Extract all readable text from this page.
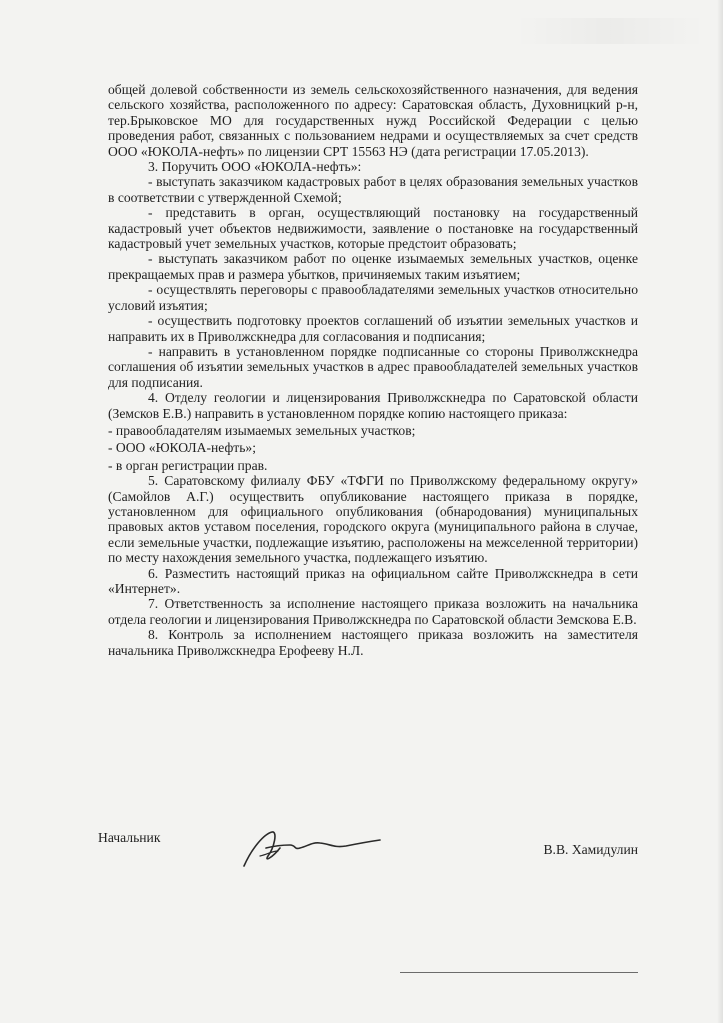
общей долевой собственности из земель сельскохозяйственного назначения, для ведения сельского хозяйства, расположенного по адресу: Саратовская область, Духовницкий р-н, тер.Брыковское МО для государственных нужд Российской Федерации с целью проведения работ, связанных с пользованием недрами и осуществляемых за счет средств ООО «ЮКОЛА-нефть» по лицензии СРТ 15563 НЭ (дата регистрации 17.05.2013).

3. Поручить ООО «ЮКОЛА-нефть»:

- выступать заказчиком кадастровых работ в целях образования земельных участков в соответствии с утвержденной Схемой;

- представить в орган, осуществляющий постановку на государственный кадастровый учет объектов недвижимости, заявление о постановке на государственный кадастровый учет земельных участков, которые предстоит образовать;

- выступать заказчиком работ по оценке изымаемых земельных участков, оценке прекращаемых прав и размера убытков, причиняемых таким изъятием;

- осуществлять переговоры с правообладателями земельных участков относительно условий изъятия;

- осуществить подготовку проектов соглашений об изъятии земельных участков и направить их в Приволжскнедра для согласования и подписания;

- направить в установленном порядке подписанные со стороны Приволжскнедра соглашения об изъятии земельных участков в адрес правообладателей земельных участков для подписания.

4. Отделу геологии и лицензирования Приволжскнедра по Саратовской области (Земсков Е.В.) направить в установленном порядке копию настоящего приказа:

- правообладателям изымаемых земельных участков;

- ООО «ЮКОЛА-нефть»;

- в орган регистрации прав.

5. Саратовскому филиалу ФБУ «ТФГИ по Приволжскому федеральному округу» (Самойлов А.Г.) осуществить опубликование настоящего приказа в порядке, установленном для официального опубликования (обнародования) муниципальных правовых актов уставом поселения, городского округа (муниципального района в случае, если земельные участки, подлежащие изъятию, расположены на межселенной территории) по месту нахождения земельного участка, подлежащего изъятию.

6. Разместить настоящий приказ на официальном сайте Приволжскнедра в сети «Интернет».

7. Ответственность за исполнение настоящего приказа возложить на начальника отдела геологии и лицензирования Приволжскнедра по Саратовской области Земскова Е.В.

8. Контроль за исполнением настоящего приказа возложить на заместителя начальника Приволжскнедра Ерофееву Н.Л.

Начальник
В.В. Хамидулин
